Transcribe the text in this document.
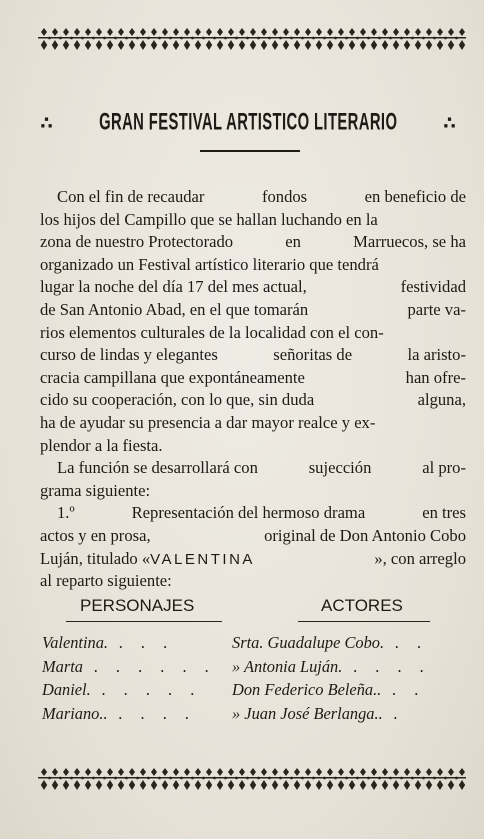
∴ GRAN FESTIVAL ARTISTICO LITERARIO	∴
Con el fin de recaudar	fondos	en beneficio de
los hijos del Campillo que se hallan luchando en la
zona de nuestro Protectorado	en	Marruecos, se ha
organizado un Festival artístico literario que tendrá
lugar la noche del día 17 del mes actual,	festividad
de San Antonio Abad, en el que tomarán	parte va-
rios elementos culturales de la localidad con el con-
curso de lindas y elegantes	señoritas de	la aristo-
cracia campillana que expontáneamente	han ofre-
cido su cooperación, con lo que, sin duda	alguna,
ha de ayudar su presencia a dar mayor realce y ex-
plendor a la fiesta.
La función se desarrollará con	sujección	al pro-
grama siguiente:
1.º	Representación del hermoso drama	en tres
actos y en prosa,	original de Don Antonio Cobo
Luján, titulado «VALENTINA	», con arreglo
al reparto siguiente:
PERSONAJES	ACTORES
Valentina. . . .	Srta. Guadalupe Cobo. . .
Marta . . . . . . » Antonia Luján. . . . .
Daniel. . . . . .	Don Federico Beleña.. . .
Mariano.. . . . .	» Juan José Berlanga.. .
